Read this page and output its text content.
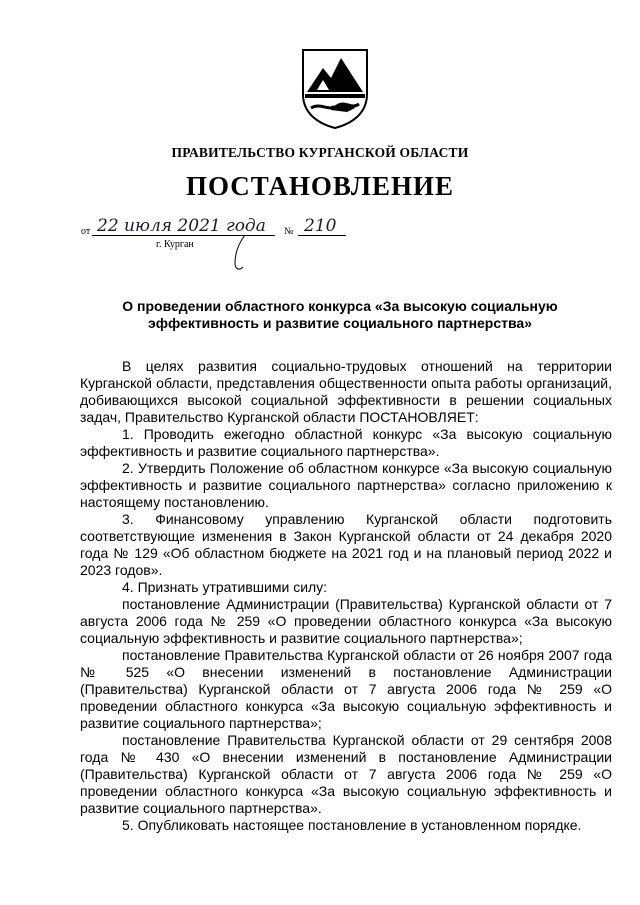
ПРАВИТЕЛЬСТВО КУРГАНСКОЙ ОБЛАСТИ
ПОСТАНОВЛЕНИЕ
от 22 июля 2021 года № 210
г. Курган
О проведении областного конкурса «За высокую социальную
эффективность и развитие социального партнерства»

В целях развития социально-трудовых отношений на территории Курганской области, представления общественности опыта работы организаций, добивающихся высокой социальной эффективности в решении социальных задач, Правительство Курганской области ПОСТАНОВЛЯЕТ:

1. Проводить ежегодно областной конкурс «За высокую социальную эффективность и развитие социального партнерства».

2. Утвердить Положение об областном конкурсе «За высокую социальную эффективность и развитие социального партнерства» согласно приложению к настоящему постановлению.

3. Финансовому управлению Курганской области подготовить соответствующие изменения в Закон Курганской области от 24 декабря 2020 года № 129 «Об областном бюджете на 2021 год и на плановый период 2022 и 2023 годов».

4. Признать утратившими силу:

постановление Администрации (Правительства) Курганской области от 7 августа 2006 года № 259 «О проведении областного конкурса «За высокую социальную эффективность и развитие социального партнерства»;

постановление Правительства Курганской области от 26 ноября 2007 года № 525 «О внесении изменений в постановление Администрации (Правительства) Курганской области от 7 августа 2006 года № 259 «О проведении областного конкурса «За высокую социальную эффективность и развитие социального партнерства»;

постановление Правительства Курганской области от 29 сентября 2008 года № 430 «О внесении изменений в постановление Администрации (Правительства) Курганской области от 7 августа 2006 года № 259 «О проведении областного конкурса «За высокую социальную эффективность и развитие социального партнерства».

5. Опубликовать настоящее постановление в установленном порядке.
